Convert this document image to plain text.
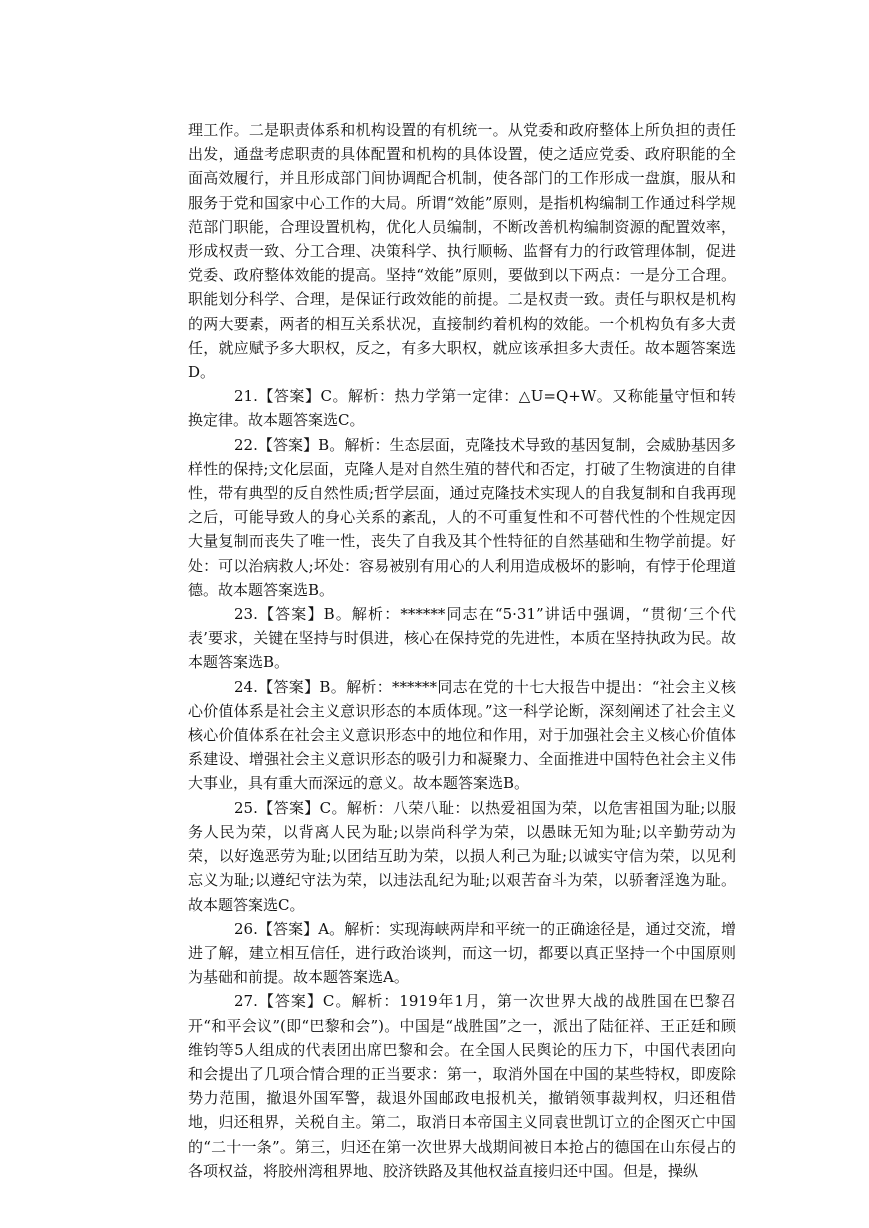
理工作。二是职责体系和机构设置的有机统一。从党委和政府整体上所负担的责任出发，通盘考虑职责的具体配置和机构的具体设置，使之适应党委、政府职能的全面高效履行，并且形成部门间协调配合机制，使各部门的工作形成一盘旗，服从和服务于党和国家中心工作的大局。所谓“效能”原则，是指机构编制工作通过科学规范部门职能，合理设置机构，优化人员编制，不断改善机构编制资源的配置效率，形成权责一致、分工合理、决策科学、执行顺畅、监督有力的行政管理体制，促进党委、政府整体效能的提高。坚持“效能”原则，要做到以下两点：一是分工合理。职能划分科学、合理，是保证行政效能的前提。二是权责一致。责任与职权是机构的两大要素，两者的相互关系状况，直接制约着机构的效能。一个机构负有多大责任，就应赋予多大职权，反之，有多大职权，就应该承担多大责任。故本题答案选D。

21.【答案】C。解析：热力学第一定律：△U=Q+W。又称能量守恒和转换定律。故本题答案选C。

22.【答案】B。解析：生态层面，克隆技术导致的基因复制，会威胁基因多样性的保持;文化层面，克隆人是对自然生殖的替代和否定，打破了生物演进的自律性，带有典型的反自然性质;哲学层面，通过克隆技术实现人的自我复制和自我再现之后，可能导致人的身心关系的紊乱，人的不可重复性和不可替代性的个性规定因大量复制而丧失了唯一性，丧失了自我及其个性特征的自然基础和生物学前提。好处：可以治病救人;坏处：容易被别有用心的人利用造成极坏的影响，有悖于伦理道德。故本题答案选B。

23.【答案】B。解析：******同志在“5·31”讲话中强调，“贯彻‘三个代表’要求，关键在坚持与时俱进，核心在保持党的先进性，本质在坚持执政为民。故本题答案选B。

24.【答案】B。解析：******同志在党的十七大报告中提出：“社会主义核心价值体系是社会主义意识形态的本质体现。”这一科学论断，深刻阐述了社会主义核心价值体系在社会主义意识形态中的地位和作用，对于加强社会主义核心价值体系建设、增强社会主义意识形态的吸引力和凝聚力、全面推进中国特色社会主义伟大事业，具有重大而深远的意义。故本题答案选B。

25.【答案】C。解析：八荣八耻：以热爱祖国为荣，以危害祖国为耻;以服务人民为荣，以背离人民为耻;以崇尚科学为荣，以愚昧无知为耻;以辛勤劳动为荣，以好逸恶劳为耻;以团结互助为荣，以损人利己为耻;以诚实守信为荣，以见利忘义为耻;以遵纪守法为荣，以违法乱纪为耻;以艰苦奋斗为荣，以骄奢淫逸为耻。故本题答案选C。

26.【答案】A。解析：实现海峡两岸和平统一的正确途径是，通过交流，增进了解，建立相互信任，进行政治谈判，而这一切，都要以真正坚持一个中国原则为基础和前提。故本题答案选A。

27.【答案】C。解析：1919年1月，第一次世界大战的战胜国在巴黎召开“和平会议”(即“巴黎和会”)。中国是“战胜国”之一，派出了陆征祥、王正廷和顾维钧等5人组成的代表团出席巴黎和会。在全国人民舆论的压力下，中国代表团向和会提出了几项合情合理的正当要求：第一，取消外国在中国的某些特权，即废除势力范围，撤退外国军警，裁退外国邮政电报机关，撤销领事裁判权，归还租借地，归还租界，关税自主。第二，取消日本帝国主义同袁世凯订立的企图灭亡中国的“二十一条”。第三，归还在第一次世界大战期间被日本抢占的德国在山东侵占的各项权益，将胶州湾租界地、胶济铁路及其他权益直接归还中国。但是，操纵
